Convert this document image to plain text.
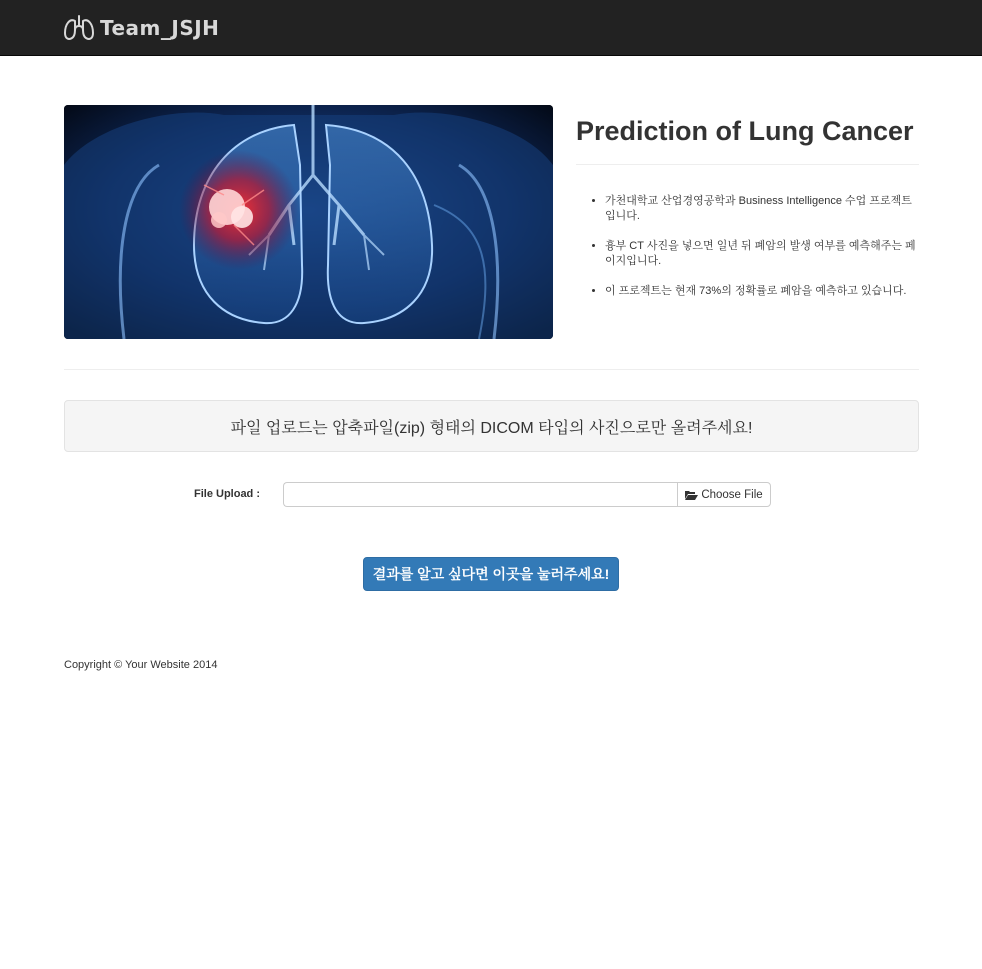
Team_JSJH
Prediction of Lung Cancer
• 가천대학교 산업경영공학과 Business Intelligence 수업 프로젝트입니다.
• 흉부 CT 사진을 넣으면 일년 뒤 폐암의 발생 여부를 예측해주는 페이지입니다.
• 이 프로젝트는 현재 73%의 정확률로 폐암을 예측하고 있습니다.
파일 업로드는 압축파일(zip) 형태의 DICOM 타입의 사진으로만 올려주세요!
File Upload :	Choose File
결과를 알고 싶다면 이곳을 눌러주세요!
Copyright © Your Website 2014
